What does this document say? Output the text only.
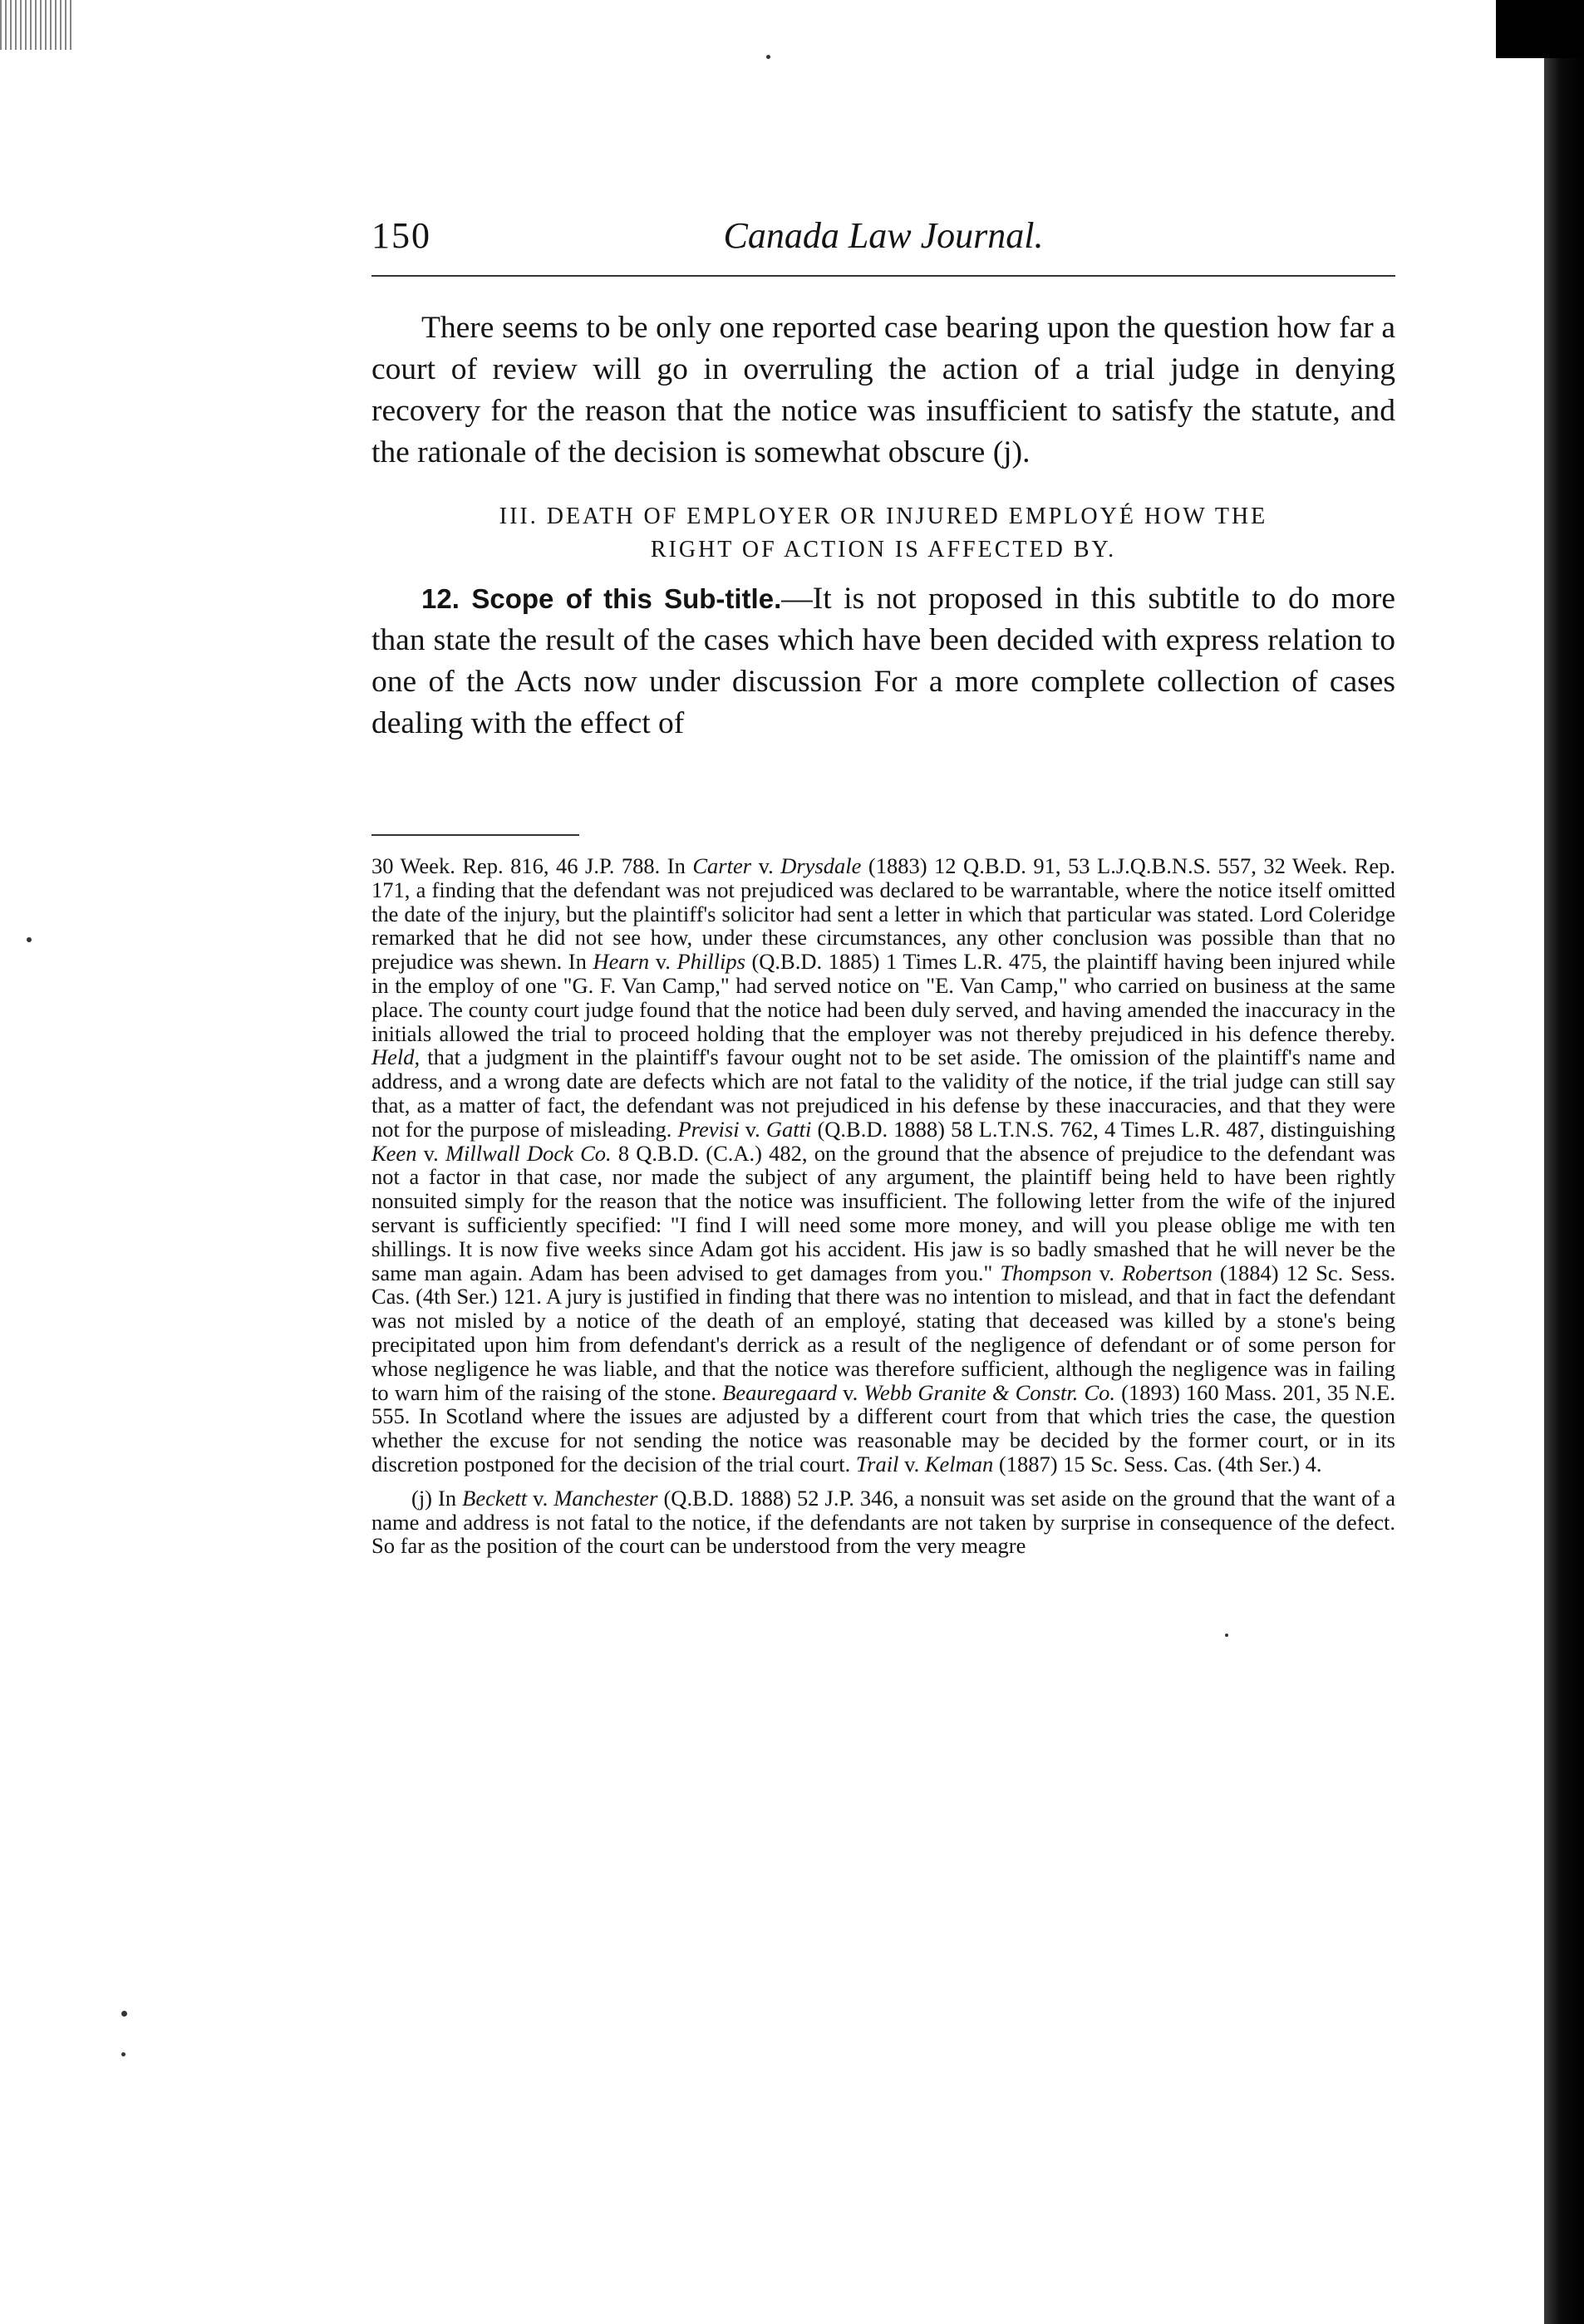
150	Canada Law Journal.

There seems to be only one reported case bearing upon the question how far a court of review will go in overruling the action of a trial judge in denying recovery for the reason that the notice was insufficient to satisfy the statute, and the rationale of the decision is somewhat obscure (j).

III. DEATH OF EMPLOYER OR INJURED EMPLOYÉ HOW THE
RIGHT OF ACTION IS AFFECTED BY.

12. Scope of this Sub-title.—It is not proposed in this subtitle to do more than state the result of the cases which have been decided with express relation to one of the Acts now under discussion For a more complete collection of cases dealing with the effect of

30 Week. Rep. 816, 46 J.P. 788. In Carter v. Drysdale (1883) 12 Q.B.D. 91, 53 L.J.Q.B.N.S. 557, 32 Week. Rep. 171, a finding that the defendant was not prejudiced was declared to be warrantable, where the notice itself omitted the date of the injury, but the plaintiff's solicitor had sent a letter in which that particular was stated. Lord Coleridge remarked that he did not see how, under these circumstances, any other conclusion was possible than that no prejudice was shewn. In Hearn v. Phillips (Q.B.D. 1885) 1 Times L.R. 475, the plaintiff having been injured while in the employ of one "G. F. Van Camp," had served notice on "E. Van Camp," who carried on business at the same place. The county court judge found that the notice had been duly served, and having amended the inaccuracy in the initials allowed the trial to proceed holding that the employer was not thereby prejudiced in his defence thereby. Held, that a judgment in the plaintiff's favour ought not to be set aside. The omission of the plaintiff's name and address, and a wrong date are defects which are not fatal to the validity of the notice, if the trial judge can still say that, as a matter of fact, the defendant was not prejudiced in his defense by these inaccuracies, and that they were not for the purpose of misleading. Previsi v. Gatti (Q.B.D. 1888) 58 L.T.N.S. 762, 4 Times L.R. 487, distinguishing Keen v. Millwall Dock Co. 8 Q.B.D. (C.A.) 482, on the ground that the absence of prejudice to the defendant was not a factor in that case, nor made the subject of any argument, the plaintiff being held to have been rightly nonsuited simply for the reason that the notice was insufficient. The following letter from the wife of the injured servant is sufficiently specified: "I find I will need some more money, and will you please oblige me with ten shillings. It is now five weeks since Adam got his accident. His jaw is so badly smashed that he will never be the same man again. Adam has been advised to get damages from you." Thompson v. Robertson (1884) 12 Sc. Sess. Cas. (4th Ser.) 121. A jury is justified in finding that there was no intention to mislead, and that in fact the defendant was not misled by a notice of the death of an employé, stating that deceased was killed by a stone's being precipitated upon him from defendant's derrick as a result of the negligence of defendant or of some person for whose negligence he was liable, and that the notice was therefore sufficient, although the negligence was in failing to warn him of the raising of the stone. Beauregaard v. Webb Granite & Constr. Co. (1893) 160 Mass. 201, 35 N.E. 555. In Scotland where the issues are adjusted by a different court from that which tries the case, the question whether the excuse for not sending the notice was reasonable may be decided by the former court, or in its discretion postponed for the decision of the trial court. Trail v. Kelman (1887) 15 Sc. Sess. Cas. (4th Ser.) 4.

(j) In Beckett v. Manchester (Q.B.D. 1888) 52 J.P. 346, a nonsuit was set aside on the ground that the want of a name and address is not fatal to the notice, if the defendants are not taken by surprise in consequence of the defect. So far as the position of the court can be understood from the very meagre
